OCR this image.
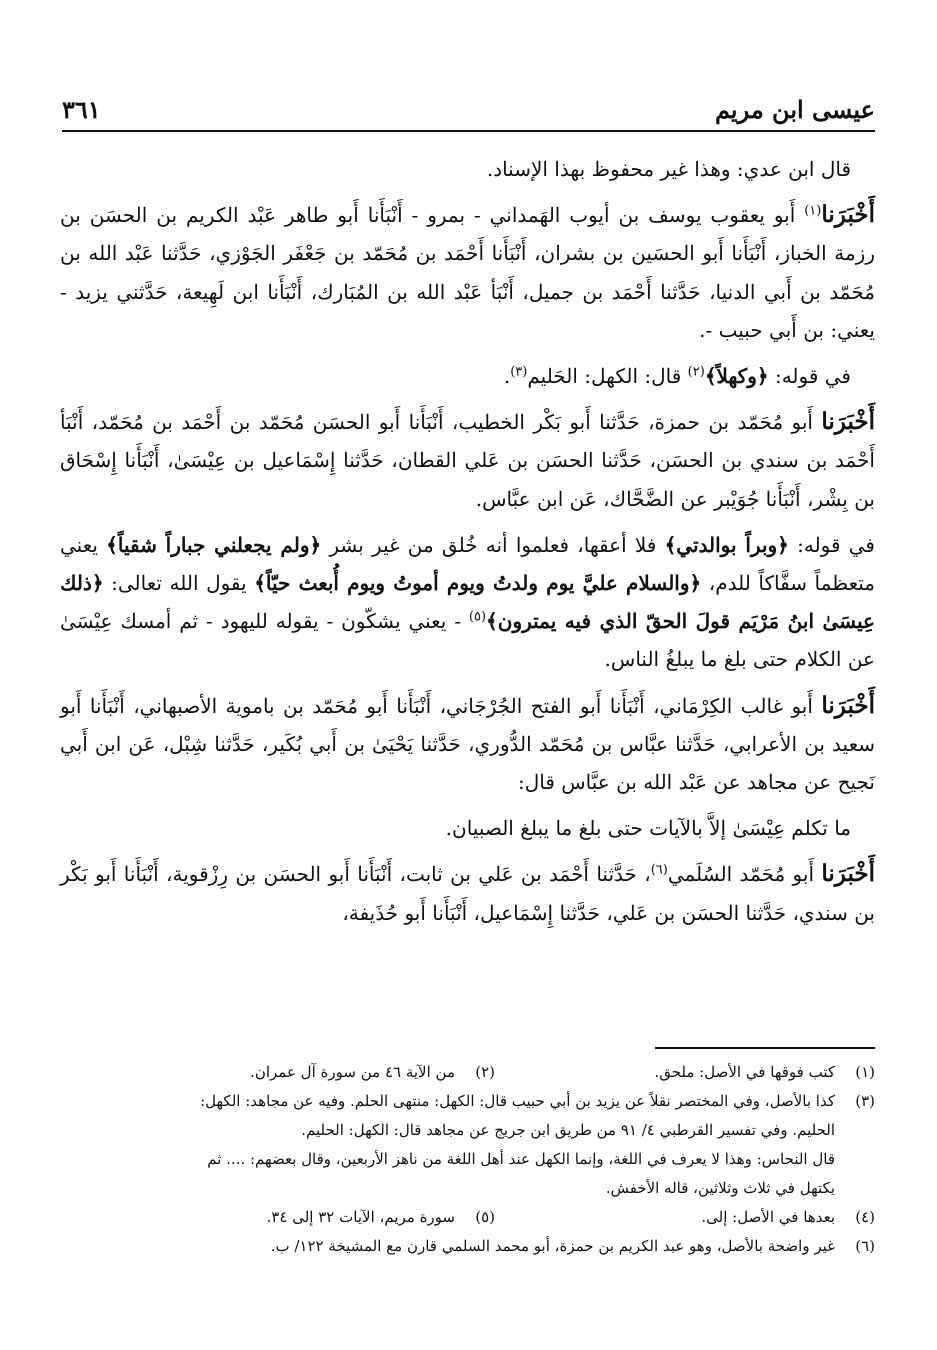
عيسى ابن مريم
٣٦١

قال ابن عدي: وهذا غير محفوظ بهذا الإسناد.

أَخْبَرَنا$^{(١)}$ أَبو يعقوب يوسف بن أيوب الهَمداني - بمرو - أَنْبَأَنا أَبو طاهر عَبْد الكريم بن الحسَن بن رزمة الخباز، أَنْبَأَنا أَبو الحسَين بن بشران، أَنْبَأَنا أَحْمَد بن مُحَمّد بن جَعْفَر الجَوْزي، حَدَّثنا عَبْد الله بن مُحَمّد بن أَبي الدنيا، حَدَّثنا أَحْمَد بن جميل، أَنْبَأ عَبْد الله بن المُبَارك، أَنْبَأَنا ابن لَهِيعة، حَدَّثني يزيد - يعني: بن أَبي حبيب -.

في قوله: ﴿وكهلاً﴾$^{(٢)}$ قال: الكهل: الحَليم$^{(٣)}$.

أَخْبَرَنا أَبو مُحَمّد بن حمزة، حَدَّثنا أَبو بَكْر الخطيب، أَنْبَأَنا أَبو الحسَن مُحَمّد بن أَحْمَد بن مُحَمّد، أَنْبَأ أَحْمَد بن سندي بن الحسَن، حَدَّثنا الحسَن بن عَلي القطان، حَدَّثنا إِسْمَاعيل بن عِيْسَىٰ، أَنْبَأَنا إِسْحَاق بن بِشْر، أَنْبَأَنا جُوَيْبر عن الضَّحَّاك، عَن ابن عبَّاس.

في قوله: ﴿وبراً بوالدتي﴾ فلا أعقها، فعلموا أنه خُلق من غير بشر ﴿ولم يجعلني جباراً شقياً﴾ يعني متعظماً سفَّاكاً للدم، ﴿والسلام عليَّ يوم ولدتُ ويوم أموتُ ويوم أُبعث حيّاً﴾ يقول الله تعالى: ﴿ذلك عِيسَىٰ ابنُ مَرْيَم قولَ الحقّ الذي فيه يمترون﴾$^{(٥)}$ - يعني يشكّون - يقوله لليهود - ثم أمسك عِيْسَىٰ عن الكلام حتى بلغ ما يبلغُ الناس.

أَخْبَرَنا أَبو غالب الكِرْمَاني، أَنْبَأَنا أَبو الفتح الجُرْجَاني، أَنْبَأَنا أَبو مُحَمّد بن باموية الأصبهاني، أَنْبَأَنا أَبو سعيد بن الأعرابي، حَدَّثنا عبَّاس بن مُحَمّد الدُّوري، حَدَّثنا يَحْيَىٰ بن أَبي بُكَير، حَدَّثنا شِبْل، عَن ابن أَبي نَجيح عن مجاهد عن عَبْد الله بن عبَّاس قال:

ما تكلم عِيْسَىٰ إلاَّ بالآيات حتى بلغ ما يبلغ الصبيان.

أَخْبَرَنا أَبو مُحَمّد السُلَمي$^{(٦)}$، حَدَّثنا أَحْمَد بن عَلي بن ثابت، أَنْبَأَنا أَبو الحسَن بن رِزْقوية، أَنْبَأَنا أَبو بَكْر بن سندي، حَدَّثنا الحسَن بن عَلي، حَدَّثنا إِسْمَاعيل، أَنْبَأَنا أَبو حُذَيفة،

(١)
كتب فوقها في الأصل: ملحق.
(٢)
من الآية ٤٦ من سورة آل عمران.
(٣)
كذا بالأصل، وفي المختصر نقلاً عن يزيد بن أبي حبيب قال: الكهل: منتهى الحلم. وفيه عن مجاهد: الكهل:
الحليم. وفي تفسير القرطبي ٤/ ٩١ من طريق ابن جريج عن مجاهد قال: الكهل: الحليم.
قال النحاس: وهذا لا يعرف في اللغة، وإنما الكهل عند أهل اللغة من ناهز الأربعين، وقال بعضهم: .... ثم
يكتهل في ثلاث وثلاثين، قاله الأخفش.
(٤)
بعدها في الأصل: إلى.
(٥)
سورة مريم، الآيات ٣٢ إلى ٣٤.
(٦)
غير واضحة بالأصل، وهو عبد الكريم بن حمزة، أبو محمد السلمي قارن مع المشيخة ١٢٢/ ب.
